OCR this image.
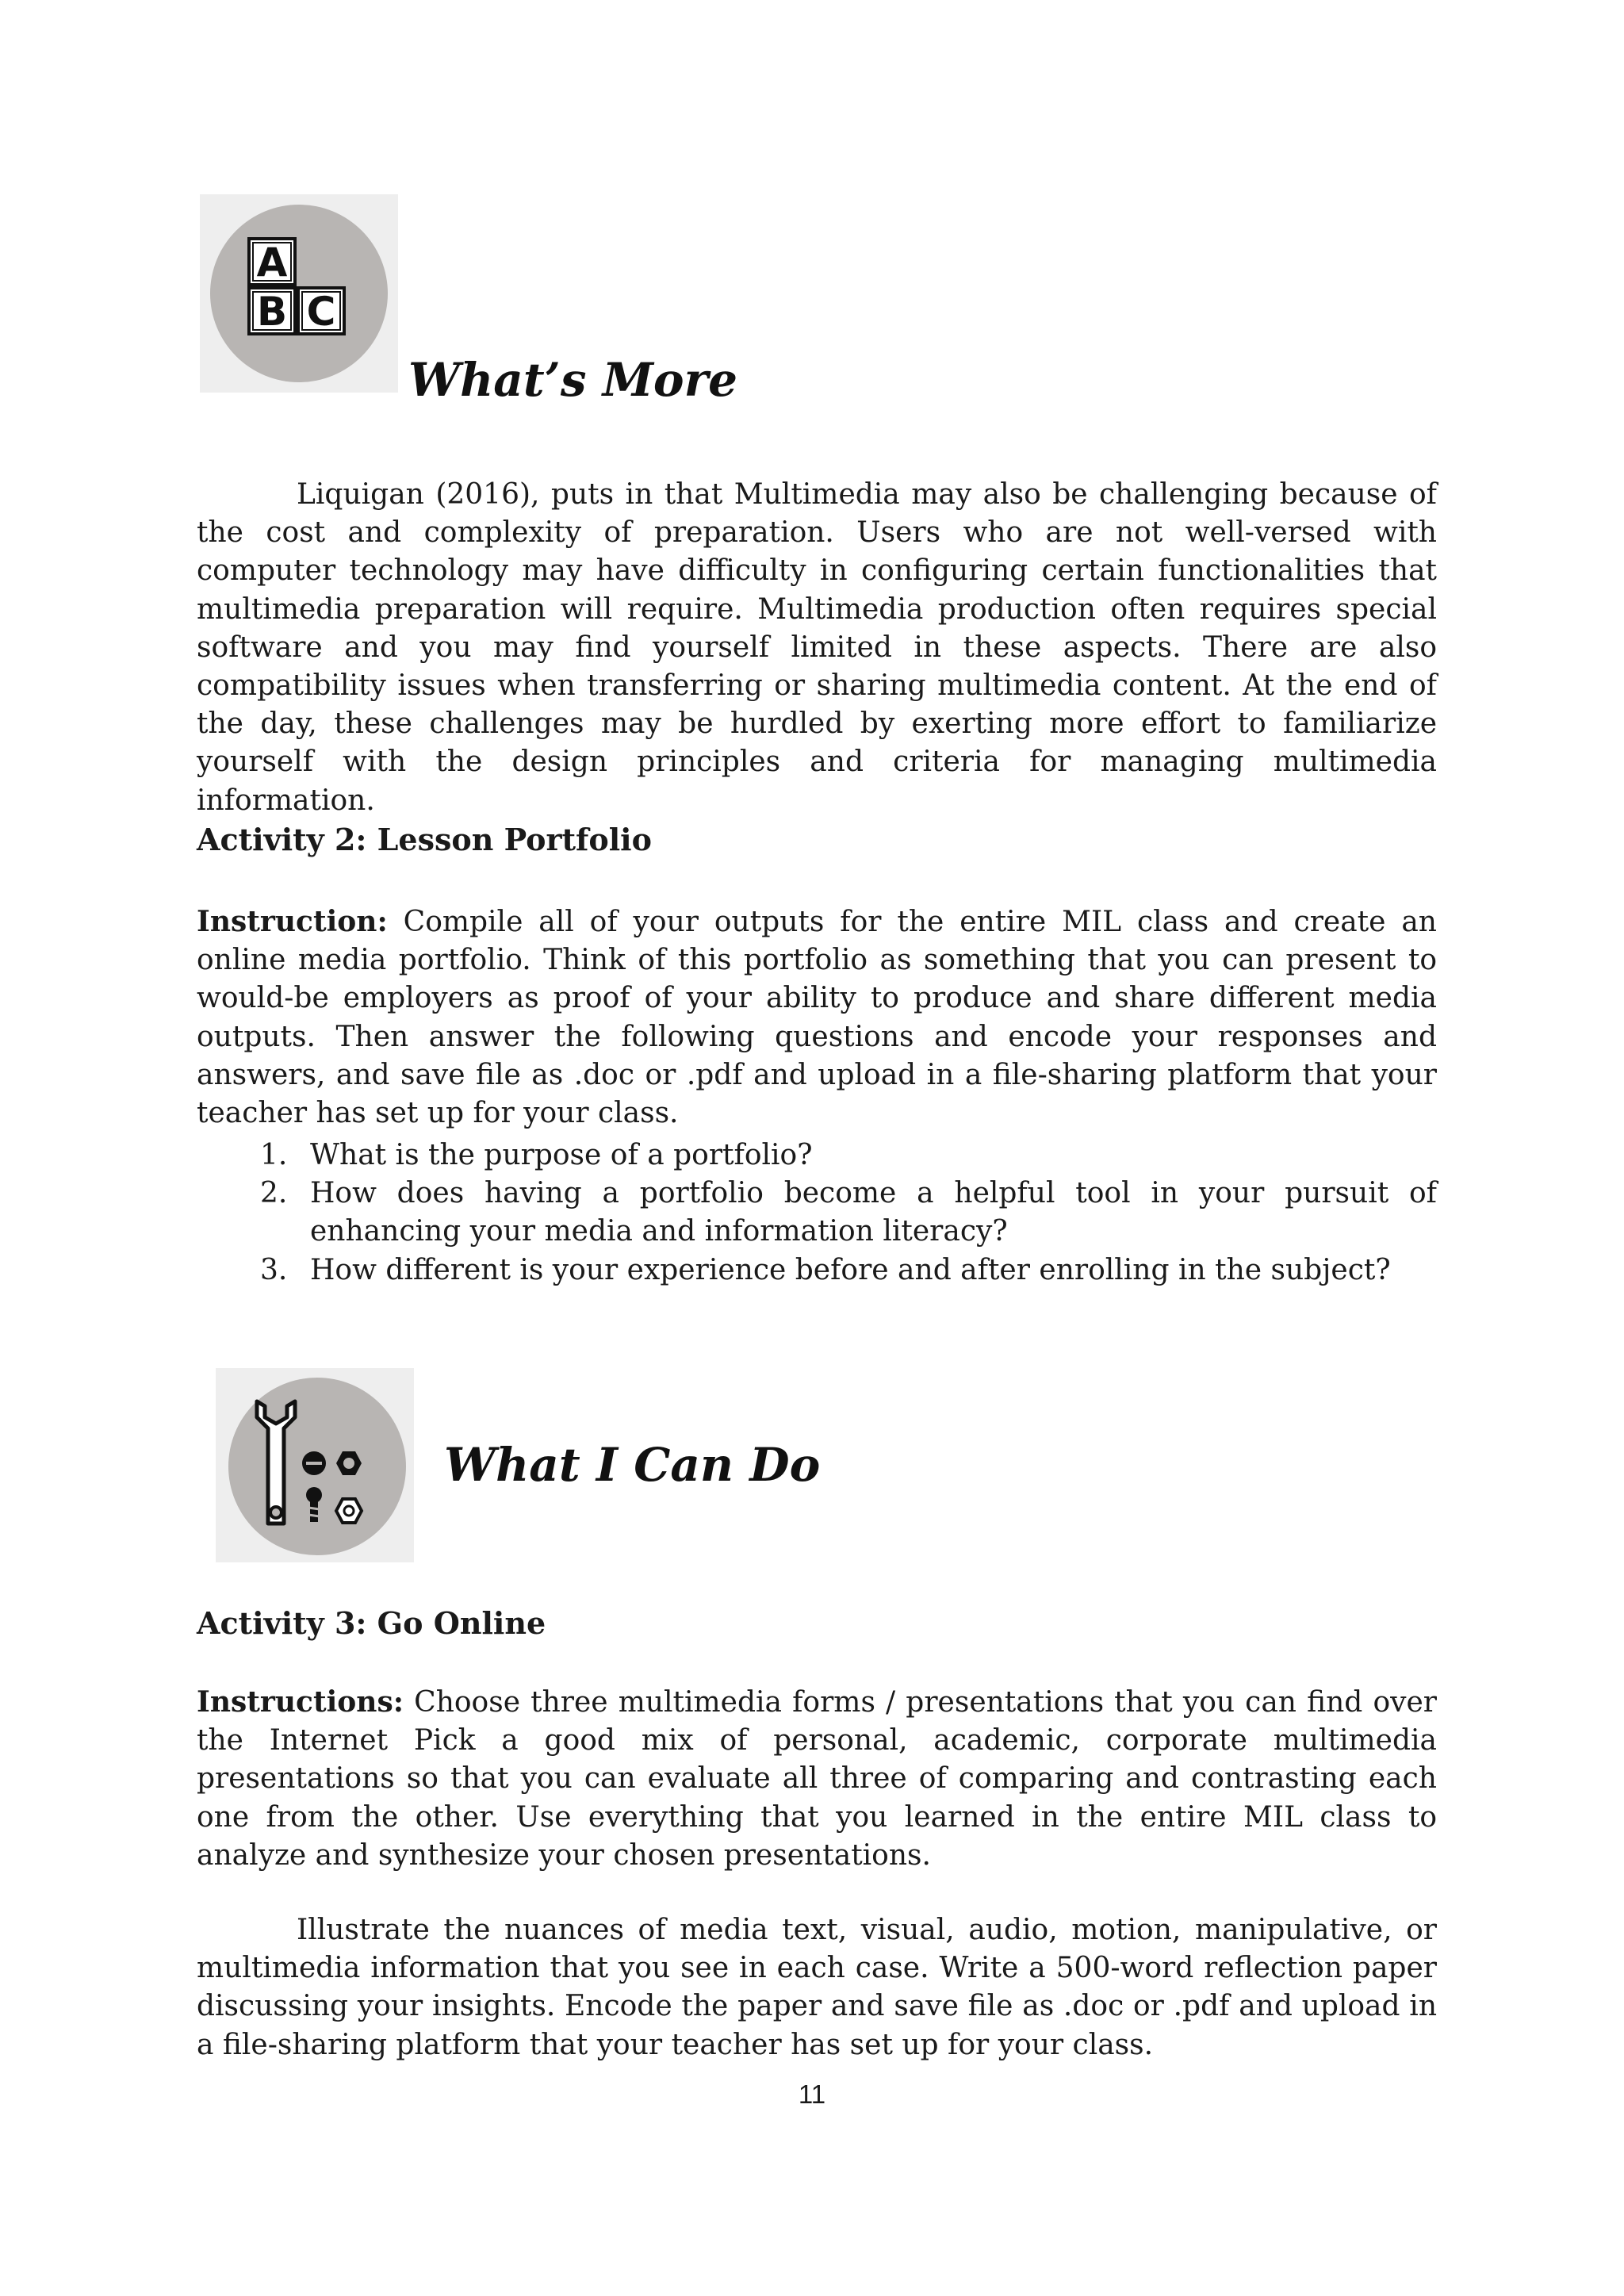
A
B C
What’s More

Liquigan (2016), puts in that Multimedia may also be challenging because of the cost and complexity of preparation. Users who are not well-versed with computer technology may have difficulty in configuring certain functionalities that multimedia preparation will require. Multimedia production often requires special software and you may find yourself limited in these aspects. There are also compatibility issues when transferring or sharing multimedia content. At the end of the day, these challenges may be hurdled by exerting more effort to familiarize yourself with the design principles and criteria for managing multimedia information.

Activity 2: Lesson Portfolio

Instruction: Compile all of your outputs for the entire MIL class and create an online media portfolio. Think of this portfolio as something that you can present to would-be employers as proof of your ability to produce and share different media outputs. Then answer the following questions and encode your responses and answers, and save file as .doc or .pdf and upload in a file-sharing platform that your teacher has set up for your class.

1. What is the purpose of a portfolio?
2. How does having a portfolio become a helpful tool in your pursuit of enhancing your media and information literacy?
3. How different is your experience before and after enrolling in the subject?
What I Can Do
Activity 3: Go Online

Instructions: Choose three multimedia forms / presentations that you can find over the Internet Pick a good mix of personal, academic, corporate multimedia presentations so that you can evaluate all three of comparing and contrasting each one from the other. Use everything that you learned in the entire MIL class to analyze and synthesize your chosen presentations.

Illustrate the nuances of media text, visual, audio, motion, manipulative, or multimedia information that you see in each case. Write a 500-word reflection paper discussing your insights. Encode the paper and save file as .doc or .pdf and upload in a file-sharing platform that your teacher has set up for your class.

11
